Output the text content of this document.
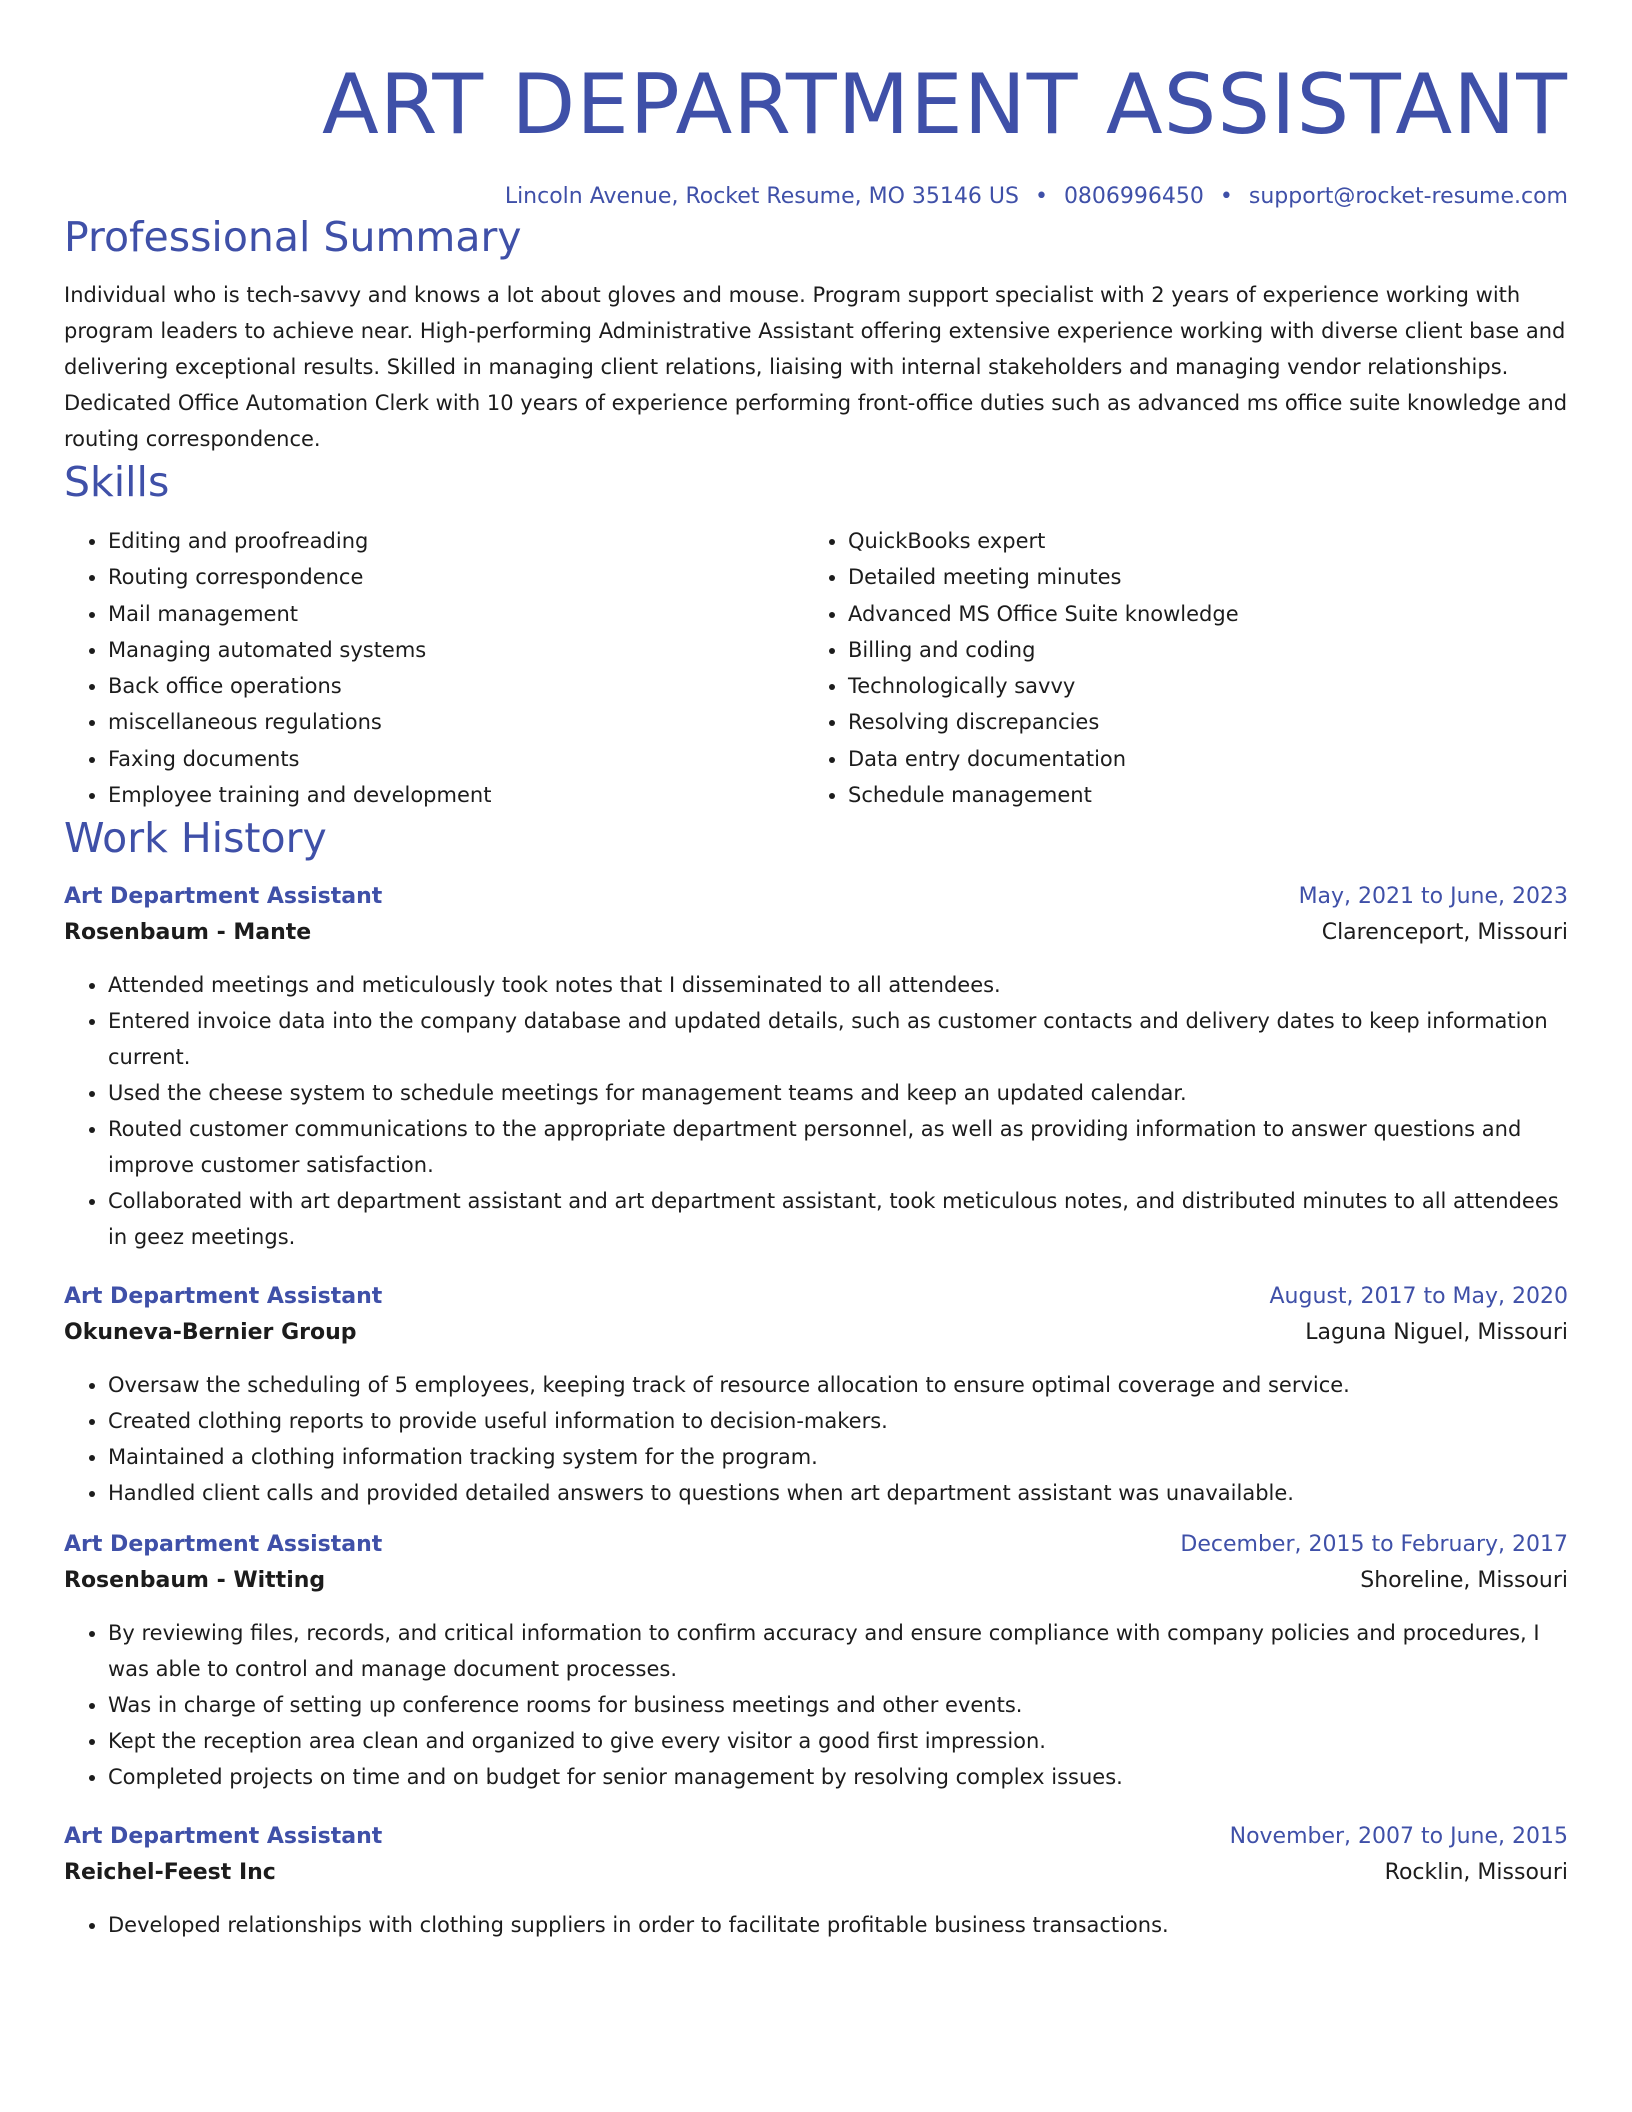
ART DEPARTMENT ASSISTANT
Lincoln Avenue, Rocket Resume, MO 35146 US • 0806996450 • support@rocket-resume.com
Professional Summary
Individual who is tech-savvy and knows a lot about gloves and mouse. Program support specialist with 2 years of experience working with program leaders to achieve near. High-performing Administrative Assistant offering extensive experience working with diverse client base and delivering exceptional results. Skilled in managing client relations, liaising with internal stakeholders and managing vendor relationships. Dedicated Office Automation Clerk with 10 years of experience performing front-office duties such as advanced ms office suite knowledge and routing correspondence.
Skills
• Editing and proofreading
• Routing correspondence
• Mail management
• Managing automated systems
• Back office operations
• miscellaneous regulations
• Faxing documents
• Employee training and development
• QuickBooks expert
• Detailed meeting minutes
• Advanced MS Office Suite knowledge
• Billing and coding
• Technologically savvy
• Resolving discrepancies
• Data entry documentation
• Schedule management
Work History
Art Department Assistant	May, 2021 to June, 2023
Rosenbaum - Mante	Clarenceport, Missouri
• Attended meetings and meticulously took notes that I disseminated to all attendees.
• Entered invoice data into the company database and updated details, such as customer contacts and delivery dates to keep information current.
• Used the cheese system to schedule meetings for management teams and keep an updated calendar.
• Routed customer communications to the appropriate department personnel, as well as providing information to answer questions and improve customer satisfaction.
• Collaborated with art department assistant and art department assistant, took meticulous notes, and distributed minutes to all attendees in geez meetings.
Art Department Assistant	August, 2017 to May, 2020
Okuneva-Bernier Group	Laguna Niguel, Missouri
• Oversaw the scheduling of 5 employees, keeping track of resource allocation to ensure optimal coverage and service.
• Created clothing reports to provide useful information to decision-makers.
• Maintained a clothing information tracking system for the program.
• Handled client calls and provided detailed answers to questions when art department assistant was unavailable.
Art Department Assistant	December, 2015 to February, 2017
Rosenbaum - Witting	Shoreline, Missouri
• By reviewing files, records, and critical information to confirm accuracy and ensure compliance with company policies and procedures, I was able to control and manage document processes.
• Was in charge of setting up conference rooms for business meetings and other events.
• Kept the reception area clean and organized to give every visitor a good first impression.
• Completed projects on time and on budget for senior management by resolving complex issues.
Art Department Assistant	November, 2007 to June, 2015
Reichel-Feest Inc	Rocklin, Missouri
• Developed relationships with clothing suppliers in order to facilitate profitable business transactions.
